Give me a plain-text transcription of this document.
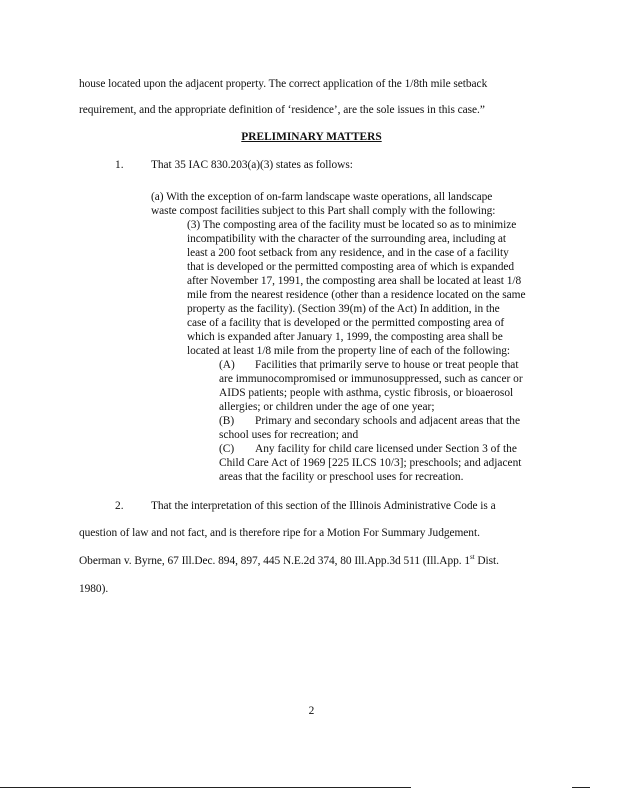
house located upon the adjacent property. The correct application of the 1/8th mile setback
requirement, and the appropriate definition of ‘residence’, are the sole issues in this case.”
PRELIMINARY MATTERS
1. That 35 IAC 830.203(a)(3) states as follows:
(a) With the exception of on-farm landscape waste operations, all landscape
waste compost facilities subject to this Part shall comply with the following:
(3) The composting area of the facility must be located so as to minimize
incompatibility with the character of the surrounding area, including at
least a 200 foot setback from any residence, and in the case of a facility
that is developed or the permitted composting area of which is expanded
after November 17, 1991, the composting area shall be located at least 1/8
mile from the nearest residence (other than a residence located on the same
property as the facility). (Section 39(m) of the Act) In addition, in the
case of a facility that is developed or the permitted composting area of
which is expanded after January 1, 1999, the composting area shall be
located at least 1/8 mile from the property line of each of the following:
(A) Facilities that primarily serve to house or treat people that
are immunocompromised or immunosuppressed, such as cancer or
AIDS patients; people with asthma, cystic fibrosis, or bioaerosol
allergies; or children under the age of one year;
(B) Primary and secondary schools and adjacent areas that the
school uses for recreation; and
(C) Any facility for child care licensed under Section 3 of the
Child Care Act of 1969 [225 ILCS 10/3]; preschools; and adjacent
areas that the facility or preschool uses for recreation.
2. That the interpretation of this section of the Illinois Administrative Code is a
question of law and not fact, and is therefore ripe for a Motion For Summary Judgement.
Oberman v. Byrne, 67 Ill.Dec. 894, 897, 445 N.E.2d 374, 80 Ill.App.3d 511 (Ill.App. 1st Dist.
1980).
2
